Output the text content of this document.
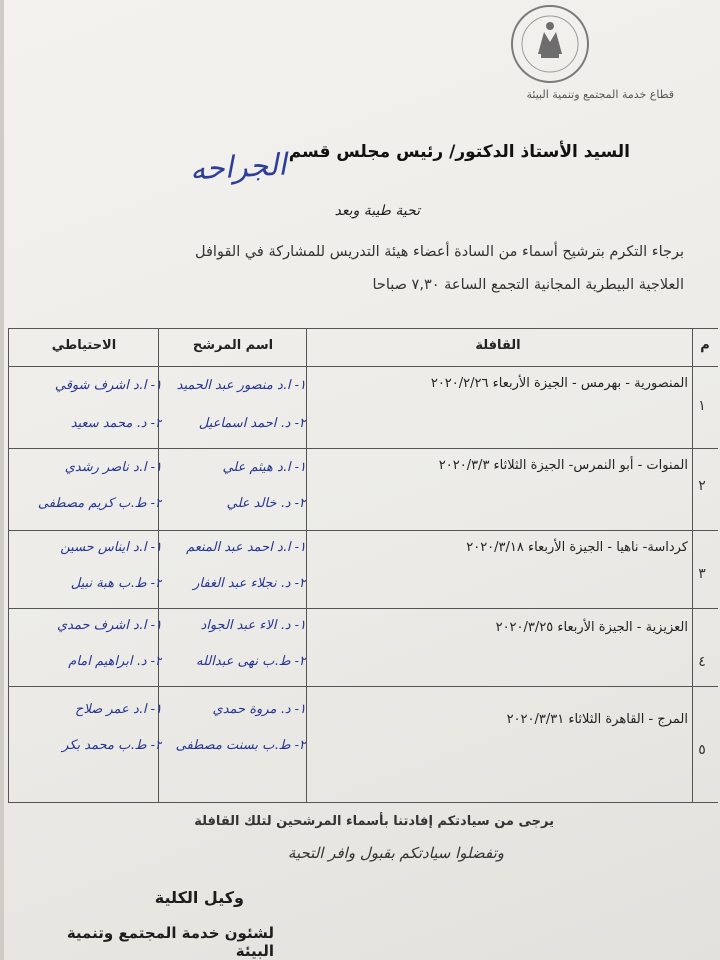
قطاع خدمة المجتمع وتنمية البيئة
السيد الأستاذ الدكتور/ رئيس مجلس قسم
الجراحه
تحية طيبة وبعد
برجاء التكرم بترشيح أسماء من السادة أعضاء هيئة التدريس للمشاركة في القوافل
العلاجية البيطرية المجانية التجمع الساعة ٧,٣٠ صباحا
م
القافلة
اسم المرشح
الاحتياطي
١
المنصورية - بهرمس - الجيزة الأربعاء ٢٠٢٠/٢/٢٦
١- ا.د منصور عبد الحميد
٢- د. احمد اسماعيل
١- ا.د اشرف شوقي
٢- د. محمد سعيد
٢
المنوات - أبو النمرس- الجيزة الثلاثاء ٢٠٢٠/٣/٣
١- ا.د هيثم علي
٢- د. خالد علي
١- ا.د ناصر رشدي
٢- ط.ب كريم مصطفى
٣
كرداسة- ناهيا - الجيزة الأربعاء ٢٠٢٠/٣/١٨
١- ا.د احمد عبد المنعم
٢- د. نجلاء عبد الغفار
١- ا.د ايناس حسين
٢- ط.ب هبة نبيل
٤
العزيزية - الجيزة الأربعاء ٢٠٢٠/٣/٢٥
١- د. الاء عبد الجواد
٢- ط.ب نهى عبدالله
١- ا.د اشرف حمدي
٢- د. ابراهيم امام
٥
المرج - القاهرة الثلاثاء ٢٠٢٠/٣/٣١
١- د. مروة حمدي
٢- ط.ب بسنت مصطفى
١- ا.د عمر صلاح
٢- ط.ب محمد بكر
يرجى من سيادتكم إفادتنا بأسماء المرشحين لتلك القافلة
وتفضلوا سيادتكم بقبول وافر التحية
وكيل الكلية
لشئون خدمة المجتمع وتنمية البيئة
